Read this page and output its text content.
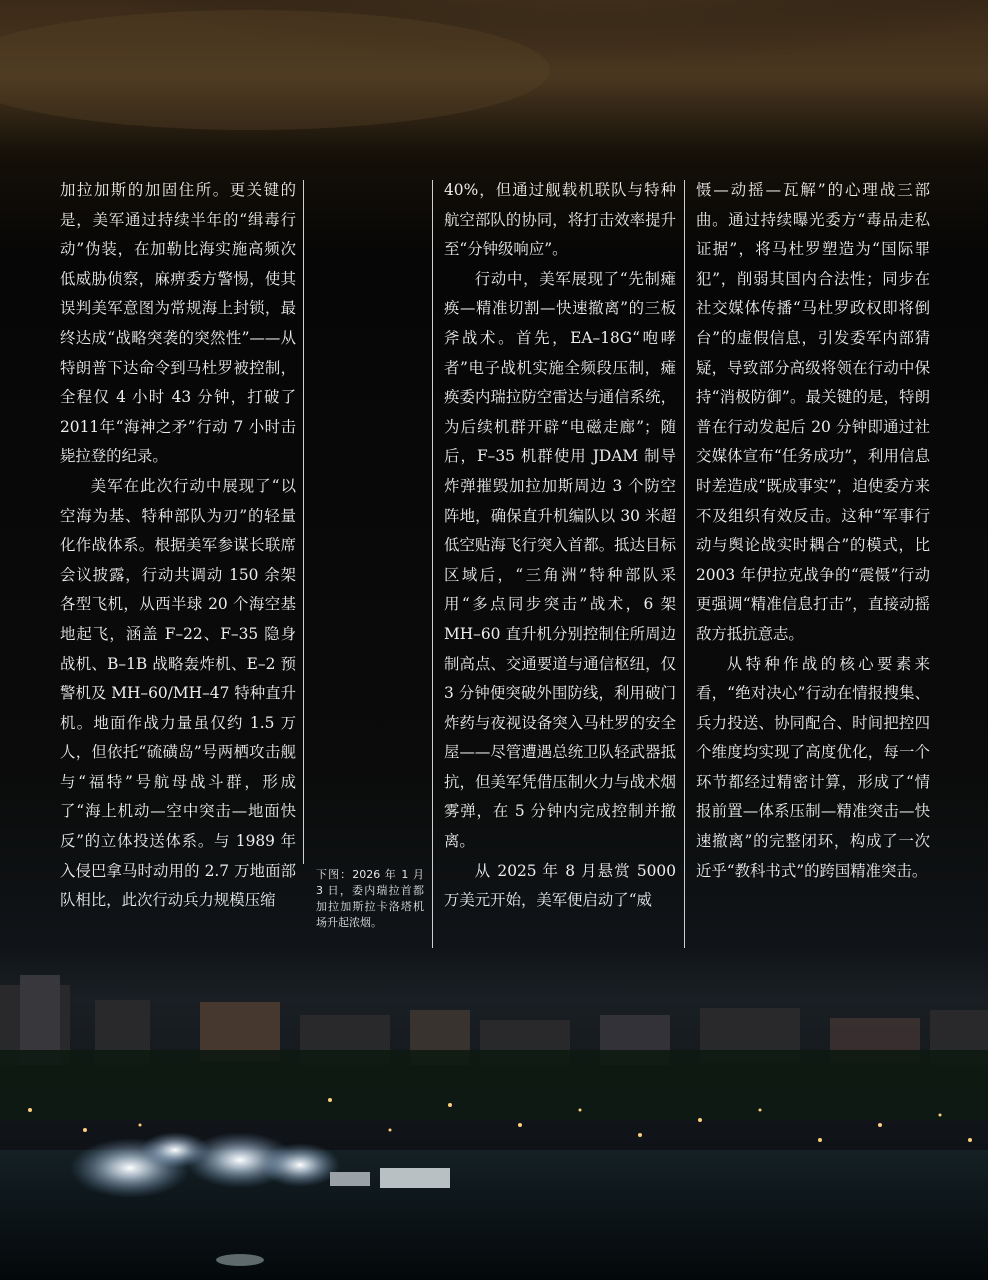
加拉加斯的加固住所。更关键的是，美军通过持续半年的“缉毒行动”伪装，在加勒比海实施高频次低威胁侦察，麻痹委方警惕，使其误判美军意图为常规海上封锁，最终达成“战略突袭的突然性”——从特朗普下达命令到马杜罗被控制，全程仅 4 小时 43 分钟，打破了2011年“海神之矛”行动 7 小时击毙拉登的纪录。

美军在此次行动中展现了“以空海为基、特种部队为刃”的轻量化作战体系。根据美军参谋长联席会议披露，行动共调动 150 余架各型飞机，从西半球 20 个海空基地起飞，涵盖 F–22、F–35 隐身战机、B–1B 战略轰炸机、E–2 预警机及 MH–60/MH–47 特种直升机。地面作战力量虽仅约 1.5 万人，但依托“硫磺岛”号两栖攻击舰与“福特”号航母战斗群，形成了“海上机动—空中突击—地面快反”的立体投送体系。与 1989 年入侵巴拿马时动用的 2.7 万地面部队相比，此次行动兵力规模压缩

下图：2026 年 1 月 3 日，委内瑞拉首都加拉加斯拉卡洛塔机场升起浓烟。

40%，但通过舰载机联队与特种航空部队的协同，将打击效率提升至“分钟级响应”。

行动中，美军展现了“先制瘫痪—精准切割—快速撤离”的三板斧战术。首先，EA–18G“咆哮者”电子战机实施全频段压制，瘫痪委内瑞拉防空雷达与通信系统，为后续机群开辟“电磁走廊”；随后，F–35 机群使用 JDAM 制导炸弹摧毁加拉加斯周边 3 个防空阵地，确保直升机编队以 30 米超低空贴海飞行突入首都。抵达目标区域后，“三角洲”特种部队采用“多点同步突击”战术，6 架 MH–60 直升机分别控制住所周边制高点、交通要道与通信枢纽，仅 3 分钟便突破外围防线，利用破门炸药与夜视设备突入马杜罗的安全屋——尽管遭遇总统卫队轻武器抵抗，但美军凭借压制火力与战术烟雾弹，在 5 分钟内完成控制并撤离。

从 2025 年 8 月悬赏 5000 万美元开始，美军便启动了“威

慑—动摇—瓦解”的心理战三部曲。通过持续曝光委方“毒品走私证据”，将马杜罗塑造为“国际罪犯”，削弱其国内合法性；同步在社交媒体传播“马杜罗政权即将倒台”的虚假信息，引发委军内部猜疑，导致部分高级将领在行动中保持“消极防御”。最关键的是，特朗普在行动发起后 20 分钟即通过社交媒体宣布“任务成功”，利用信息时差造成“既成事实”，迫使委方来不及组织有效反击。这种“军事行动与舆论战实时耦合”的模式，比 2003 年伊拉克战争的“震慑”行动更强调“精准信息打击”，直接动摇敌方抵抗意志。

从特种作战的核心要素来看，“绝对决心”行动在情报搜集、兵力投送、协同配合、时间把控四个维度均实现了高度优化，每一个环节都经过精密计算，形成了“情报前置—体系压制—精准突击—快速撤离”的完整闭环，构成了一次近乎“教科书式”的跨国精准突击。
